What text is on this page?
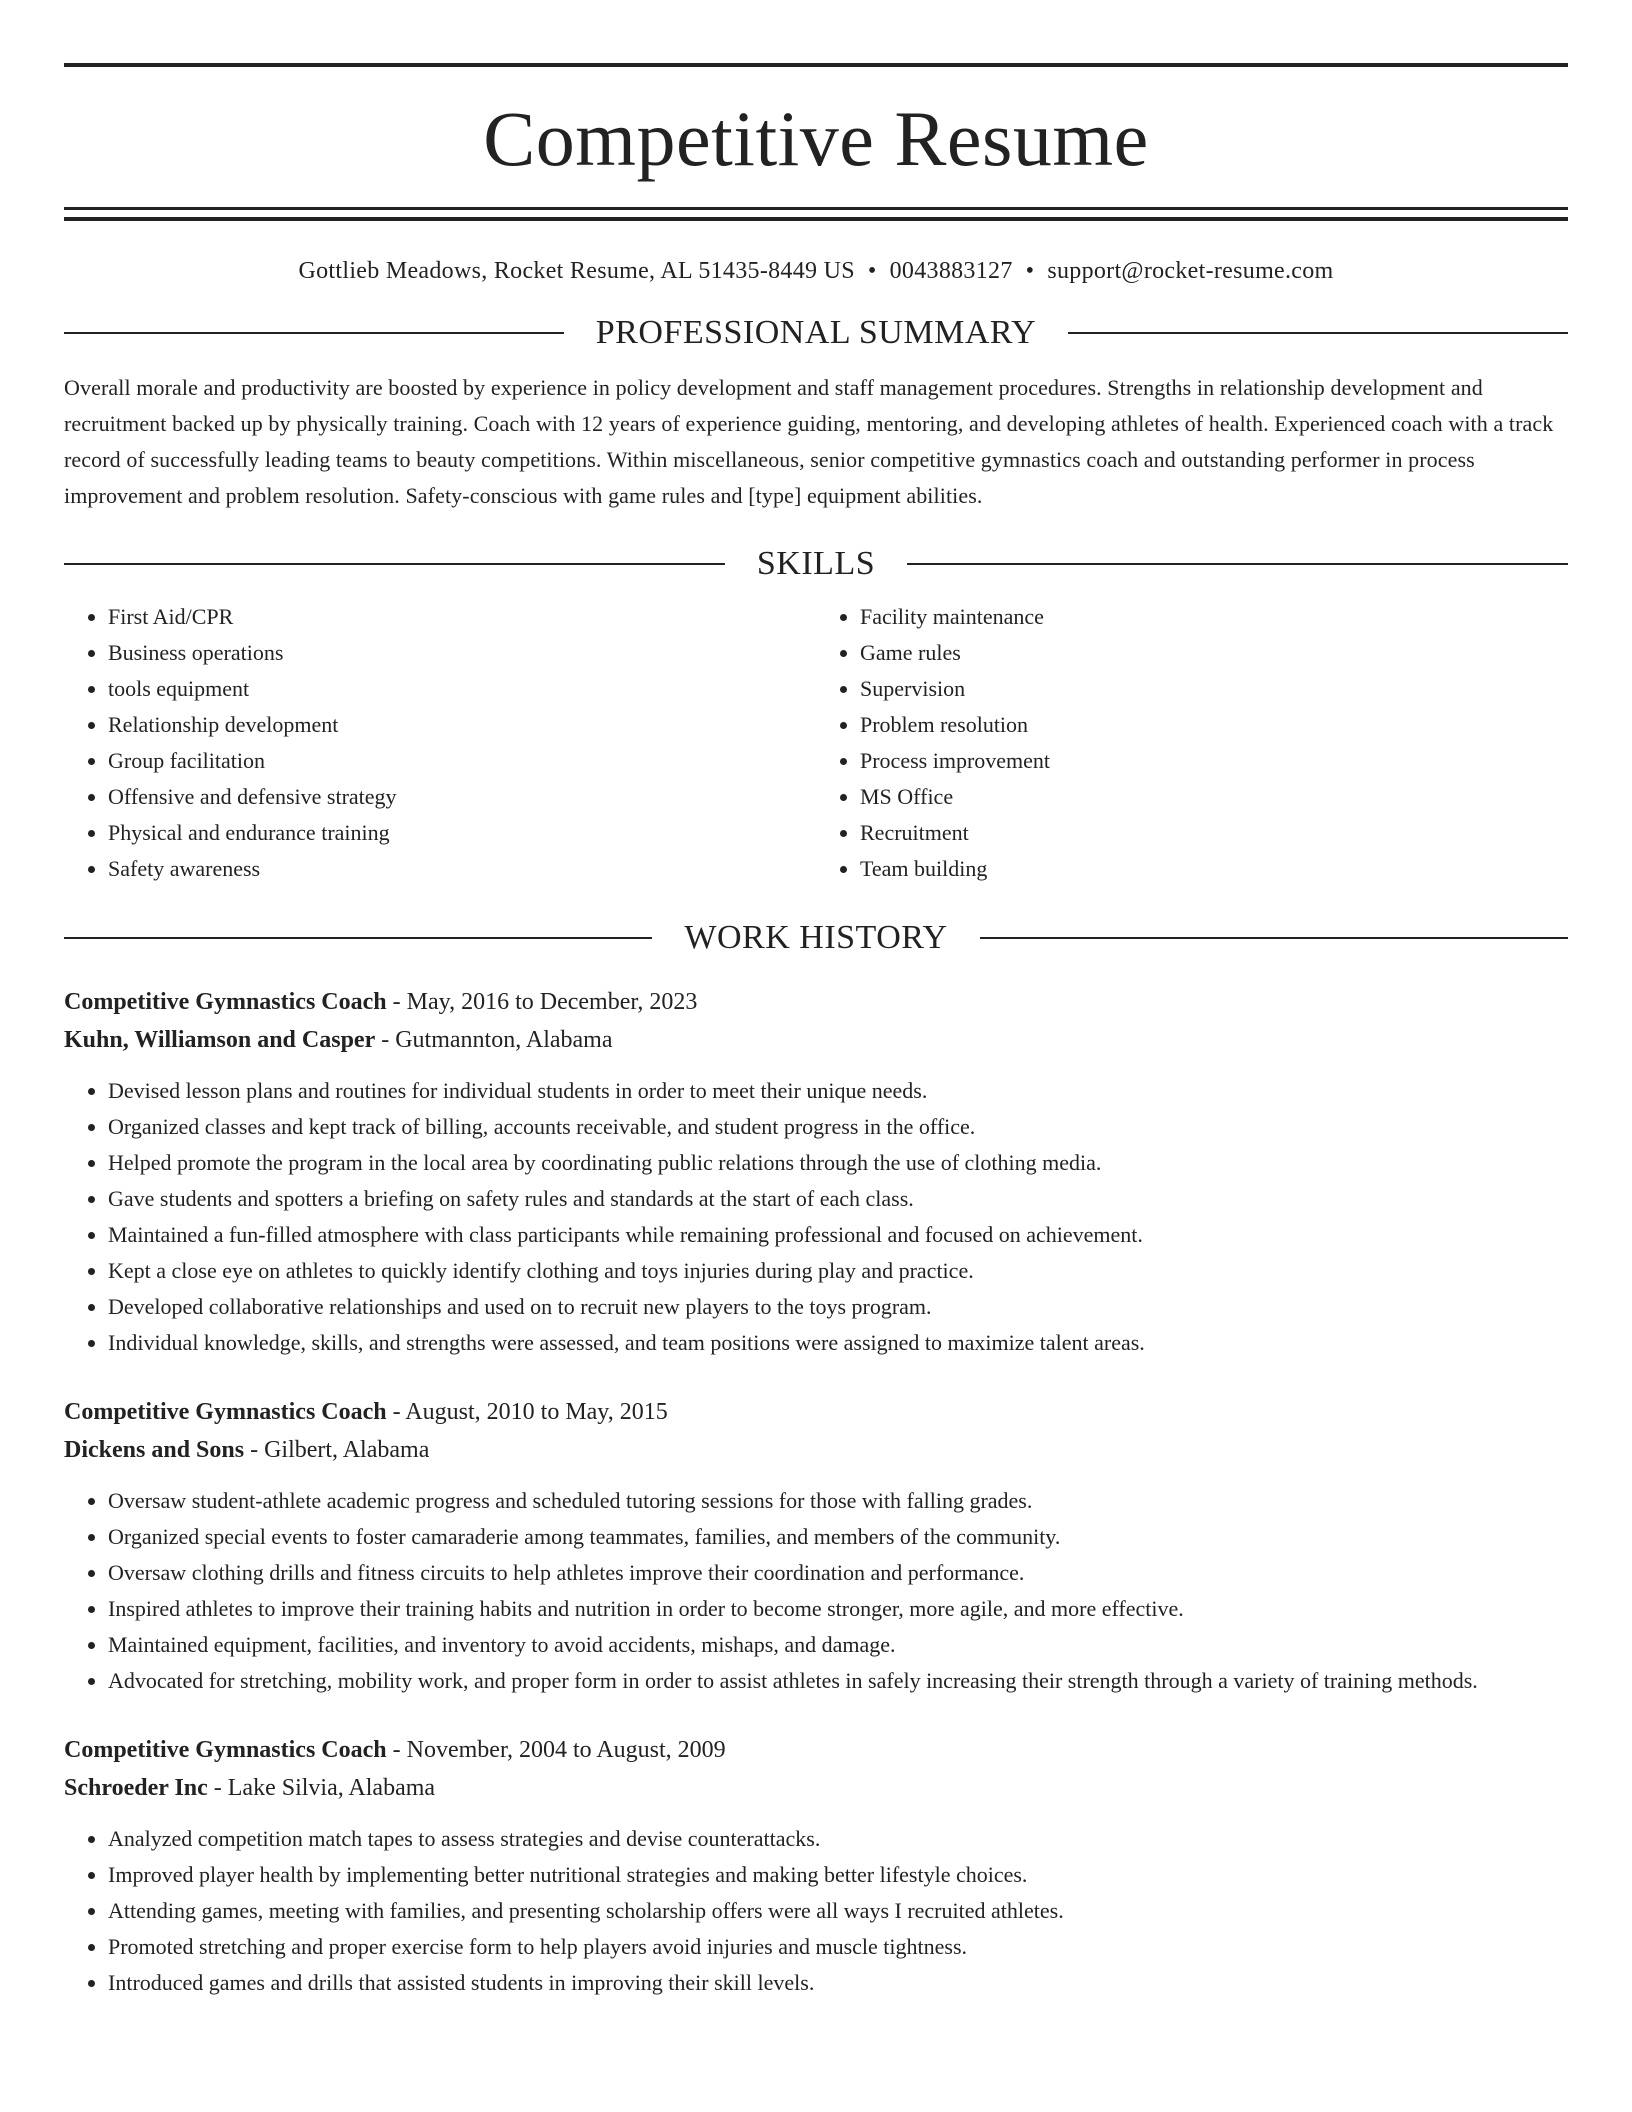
Competitive Resume
Gottlieb Meadows, Rocket Resume, AL 51435-8449 US • 0043883127 • support@rocket-resume.com
PROFESSIONAL SUMMARY
Overall morale and productivity are boosted by experience in policy development and staff management procedures. Strengths in relationship development and recruitment backed up by physically training. Coach with 12 years of experience guiding, mentoring, and developing athletes of health. Experienced coach with a track record of successfully leading teams to beauty competitions. Within miscellaneous, senior competitive gymnastics coach and outstanding performer in process improvement and problem resolution. Safety-conscious with game rules and [type] equipment abilities.
SKILLS
• First Aid/CPR
• Business operations
• tools equipment
• Relationship development
• Group facilitation
• Offensive and defensive strategy
• Physical and endurance training
• Safety awareness
• Facility maintenance
• Game rules
• Supervision
• Problem resolution
• Process improvement
• MS Office
• Recruitment
• Team building
WORK HISTORY
Competitive Gymnastics Coach - May, 2016 to December, 2023
Kuhn, Williamson and Casper - Gutmannton, Alabama
• Devised lesson plans and routines for individual students in order to meet their unique needs.
• Organized classes and kept track of billing, accounts receivable, and student progress in the office.
• Helped promote the program in the local area by coordinating public relations through the use of clothing media.
• Gave students and spotters a briefing on safety rules and standards at the start of each class.
• Maintained a fun-filled atmosphere with class participants while remaining professional and focused on achievement.
• Kept a close eye on athletes to quickly identify clothing and toys injuries during play and practice.
• Developed collaborative relationships and used on to recruit new players to the toys program.
• Individual knowledge, skills, and strengths were assessed, and team positions were assigned to maximize talent areas.
Competitive Gymnastics Coach - August, 2010 to May, 2015
Dickens and Sons - Gilbert, Alabama
• Oversaw student-athlete academic progress and scheduled tutoring sessions for those with falling grades.
• Organized special events to foster camaraderie among teammates, families, and members of the community.
• Oversaw clothing drills and fitness circuits to help athletes improve their coordination and performance.
• Inspired athletes to improve their training habits and nutrition in order to become stronger, more agile, and more effective.
• Maintained equipment, facilities, and inventory to avoid accidents, mishaps, and damage.
• Advocated for stretching, mobility work, and proper form in order to assist athletes in safely increasing their strength through a variety of training methods.
Competitive Gymnastics Coach - November, 2004 to August, 2009
Schroeder Inc - Lake Silvia, Alabama
• Analyzed competition match tapes to assess strategies and devise counterattacks.
• Improved player health by implementing better nutritional strategies and making better lifestyle choices.
• Attending games, meeting with families, and presenting scholarship offers were all ways I recruited athletes.
• Promoted stretching and proper exercise form to help players avoid injuries and muscle tightness.
• Introduced games and drills that assisted students in improving their skill levels.
